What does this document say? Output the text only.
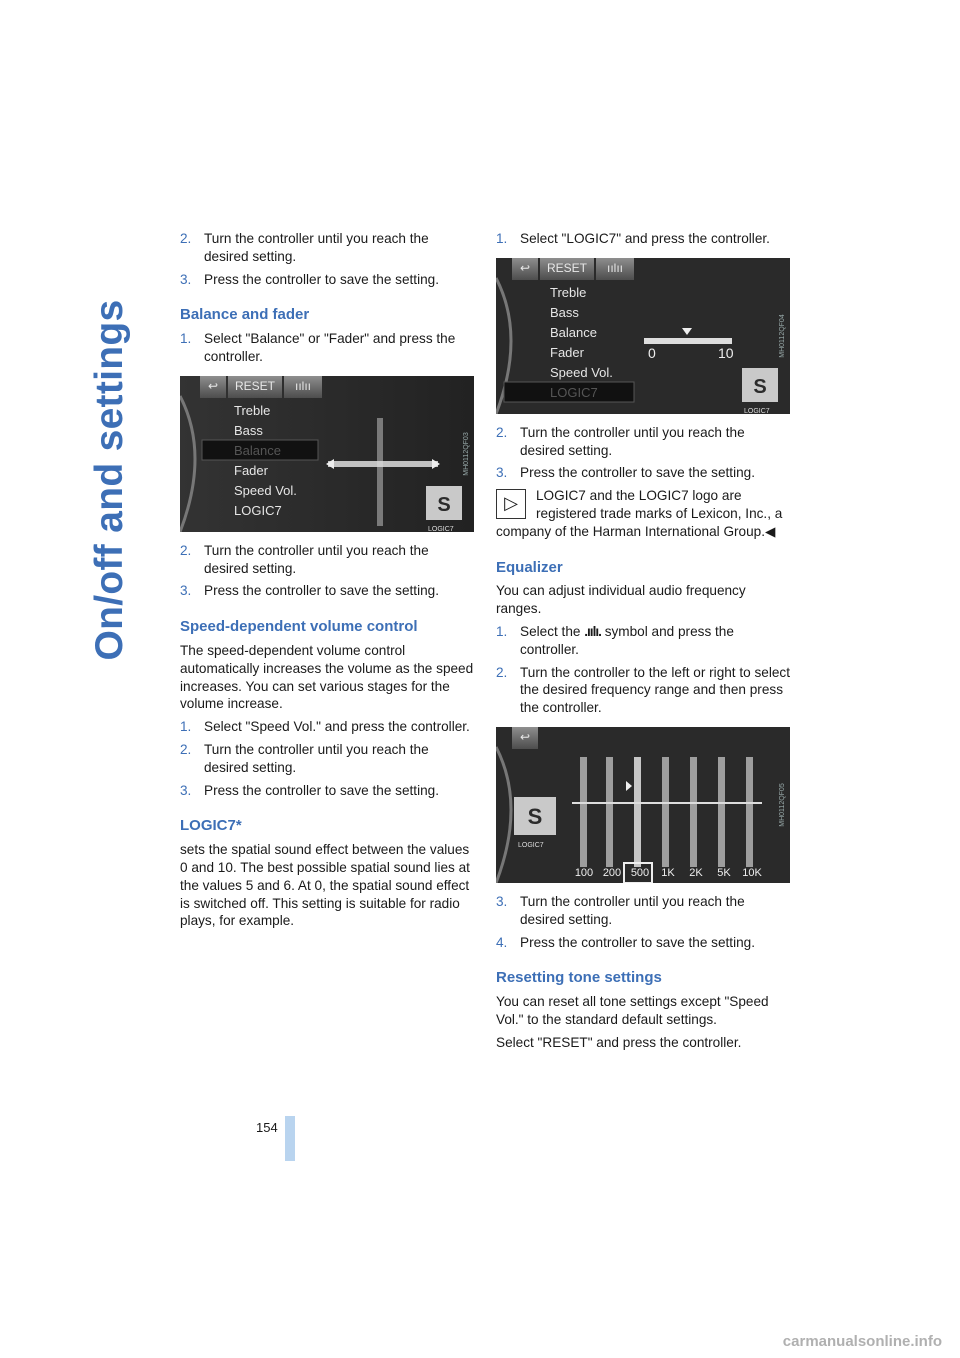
On/off and settings
2. Turn the controller until you reach the desired setting.
3. Press the controller to save the setting.
Balance and fader
1. Select "Balance" or "Fader" and press the controller.
S
↩	RESET	ıılıı
Treble
Bass
Balance
Fader
Speed Vol.
LOGIC7
LOGIC7
MH0112QF03
2. Turn the controller until you reach the desired setting.
3. Press the controller to save the setting.
Speed-dependent volume control

The speed-dependent volume control automatically increases the volume as the speed increases. You can set various stages for the volume increase.

1. Select "Speed Vol." and press the controller.
2. Turn the controller until you reach the desired setting.
3. Press the controller to save the setting.
LOGIC7*

sets the spatial sound effect between the values 0 and 10. The best possible spatial sound lies at the values 5 and 6. At 0, the spatial sound effect is switched off. This setting is suitable for radio plays, for example.

1. Select "LOGIC7" and press the controller.
S
↩	RESET	ıılıı
Treble
Bass
Balance
Fader
Speed Vol.
LOGIC7
0	10
LOGIC7
MH0112QF04
2. Turn the controller until you reach the desired setting.
3. Press the controller to save the setting.
▷	LOGIC7 and the LOGIC7 logo are registered trade marks of Lexicon, Inc., a company of the Harman International Group.◀
Equalizer

You can adjust individual audio frequency ranges.

1. Select the .ıılı. symbol and press the controller.
2. Turn the controller to the left or right to select the desired frequency range and then press the controller.
S
↩
LOGIC7
100 200 500	1K	2K	5K	10K
MH0112QF05
3. Turn the controller until you reach the desired setting.
4. Press the controller to save the setting.
Resetting tone settings

You can reset all tone settings except "Speed Vol." to the standard default settings.

Select "RESET" and press the controller.

154
carmanualsonline.info
